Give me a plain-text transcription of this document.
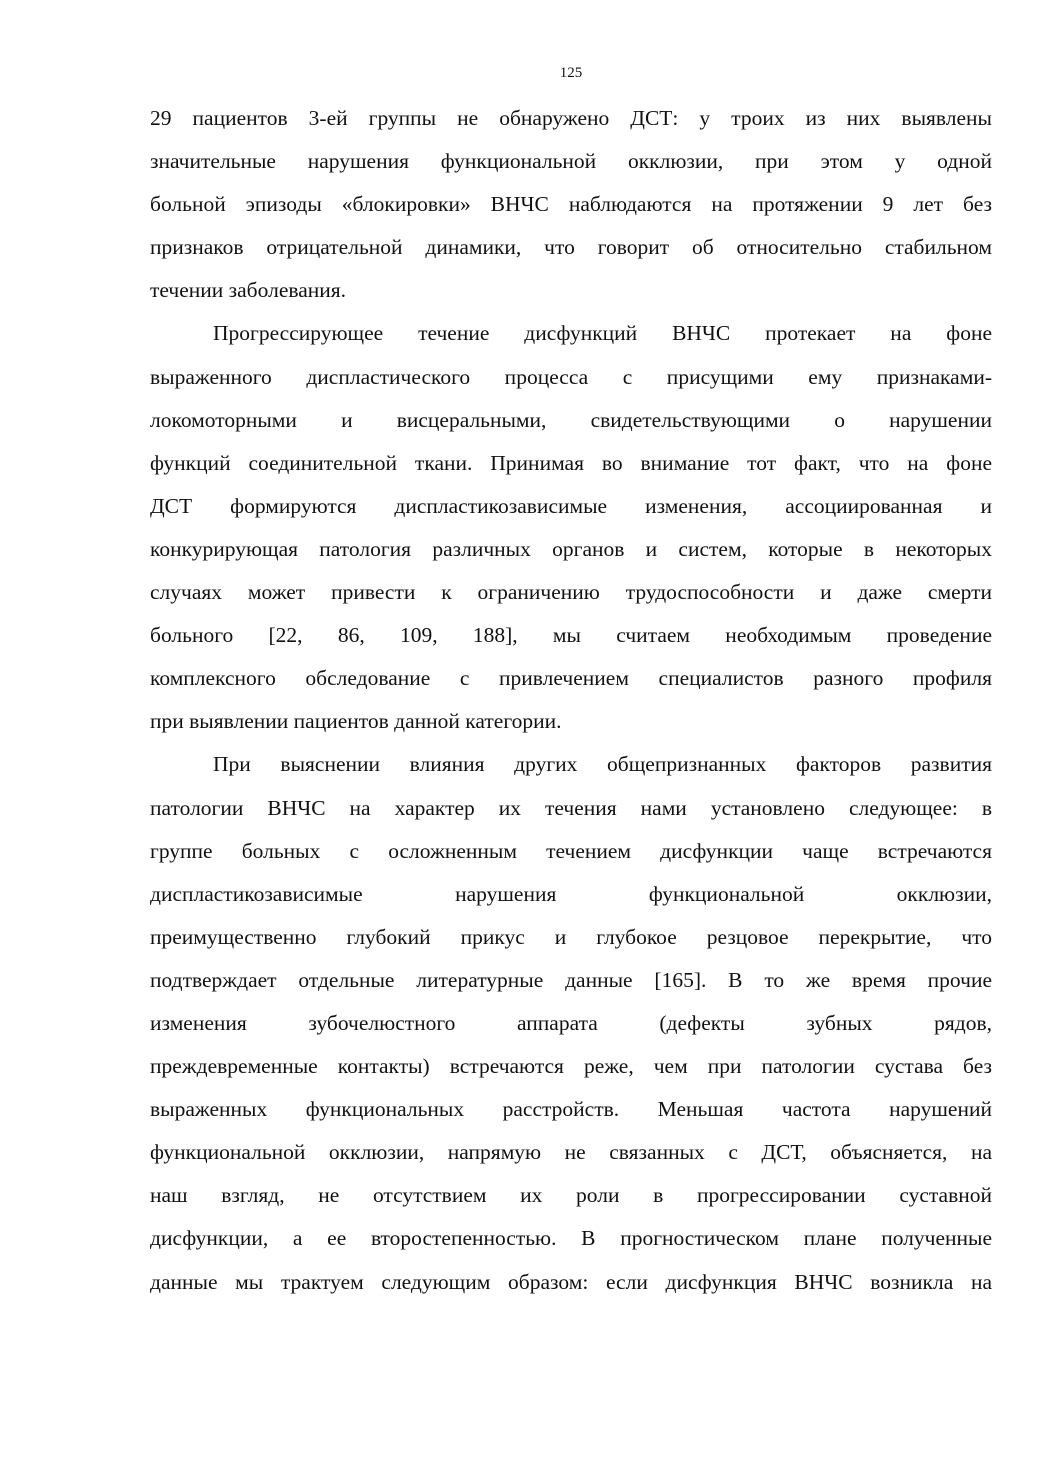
125
29 пациентов 3-ей группы не обнаружено ДСТ: у троих из них выявлены
значительные нарушения функциональной окклюзии, при этом у одной
больной эпизоды «блокировки» ВНЧС наблюдаются на протяжении 9 лет без
признаков отрицательной динамики, что говорит об относительно стабильном
течении заболевания.
Прогрессирующее течение дисфункций ВНЧС протекает на фоне
выраженного диспластического процесса с присущими ему признаками-
локомоторными и висцеральными, свидетельствующими о нарушении
функций соединительной ткани. Принимая во внимание тот факт, что на фоне
ДСТ формируются диспластикозависимые изменения, ассоциированная и
конкурирующая патология различных органов и систем, которые в некоторых
случаях может привести к ограничению трудоспособности и даже смерти
больного [22, 86, 109, 188], мы считаем необходимым проведение
комплексного обследование с привлечением специалистов разного профиля
при выявлении пациентов данной категории.
При выяснении влияния других общепризнанных факторов развития
патологии ВНЧС на характер их течения нами установлено следующее: в
группе больных с осложненным течением дисфункции чаще встречаются
диспластикозависимые нарушения функциональной окклюзии,
преимущественно глубокий прикус и глубокое резцовое перекрытие, что
подтверждает отдельные литературные данные [165]. В то же время прочие
изменения зубочелюстного аппарата (дефекты зубных рядов,
преждевременные контакты) встречаются реже, чем при патологии сустава без
выраженных функциональных расстройств. Меньшая частота нарушений
функциональной окклюзии, напрямую не связанных с ДСТ, объясняется, на
наш взгляд, не отсутствием их роли в прогрессировании суставной
дисфункции, а ее второстепенностью. В прогностическом плане полученные
данные мы трактуем следующим образом: если дисфункция ВНЧС возникла на
